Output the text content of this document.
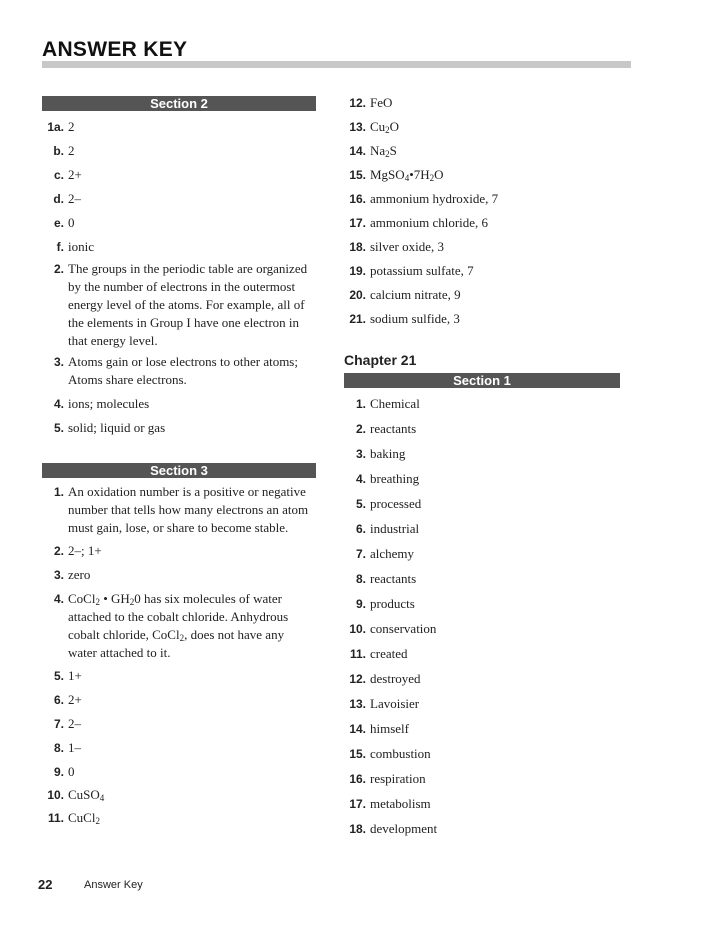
ANSWER KEY
Section 2
1a. 2
b. 2
c. 2+
d. 2–
e. 0
f. ionic
2. The groups in the periodic table are organized by the number of electrons in the outermost energy level of the atoms. For example, all of the elements in Group I have one electron in that energy level.
3. Atoms gain or lose electrons to other atoms; Atoms share electrons.
4. ions; molecules
5. solid; liquid or gas
Section 3
1. An oxidation number is a positive or negative number that tells how many electrons an atom must gain, lose, or share to become stable.
2. 2–; 1+
3. zero
4. CoCl$_2$ • $GH_20$ has six molecules of water attached to the cobalt chloride. Anhydrous cobalt chloride, CoCl$_2$, does not have any water attached to it.
5. 1+
6. 2+
7. 2–
8. 1–
9. 0
10. CuSO$_4$
11. CuCl$_2$
12. FeO
13. $Cu_2O$
14. $Na_2S$
15. $MgSO_4•7H_2O$
16. ammonium hydroxide, 7
17. ammonium chloride, 6
18. silver oxide, 3
19. potassium sulfate, 7
20. calcium nitrate, 9
21. sodium sulfide, 3
Chapter 21
Section 1
1. Chemical
2. reactants
3. baking
4. breathing
5. processed
6. industrial
7. alchemy
8. reactants
9. products
10. conservation
11. created
12. destroyed
13. Lavoisier
14. himself
15. combustion
16. respiration
17. metabolism
18. development
22	Answer Key
